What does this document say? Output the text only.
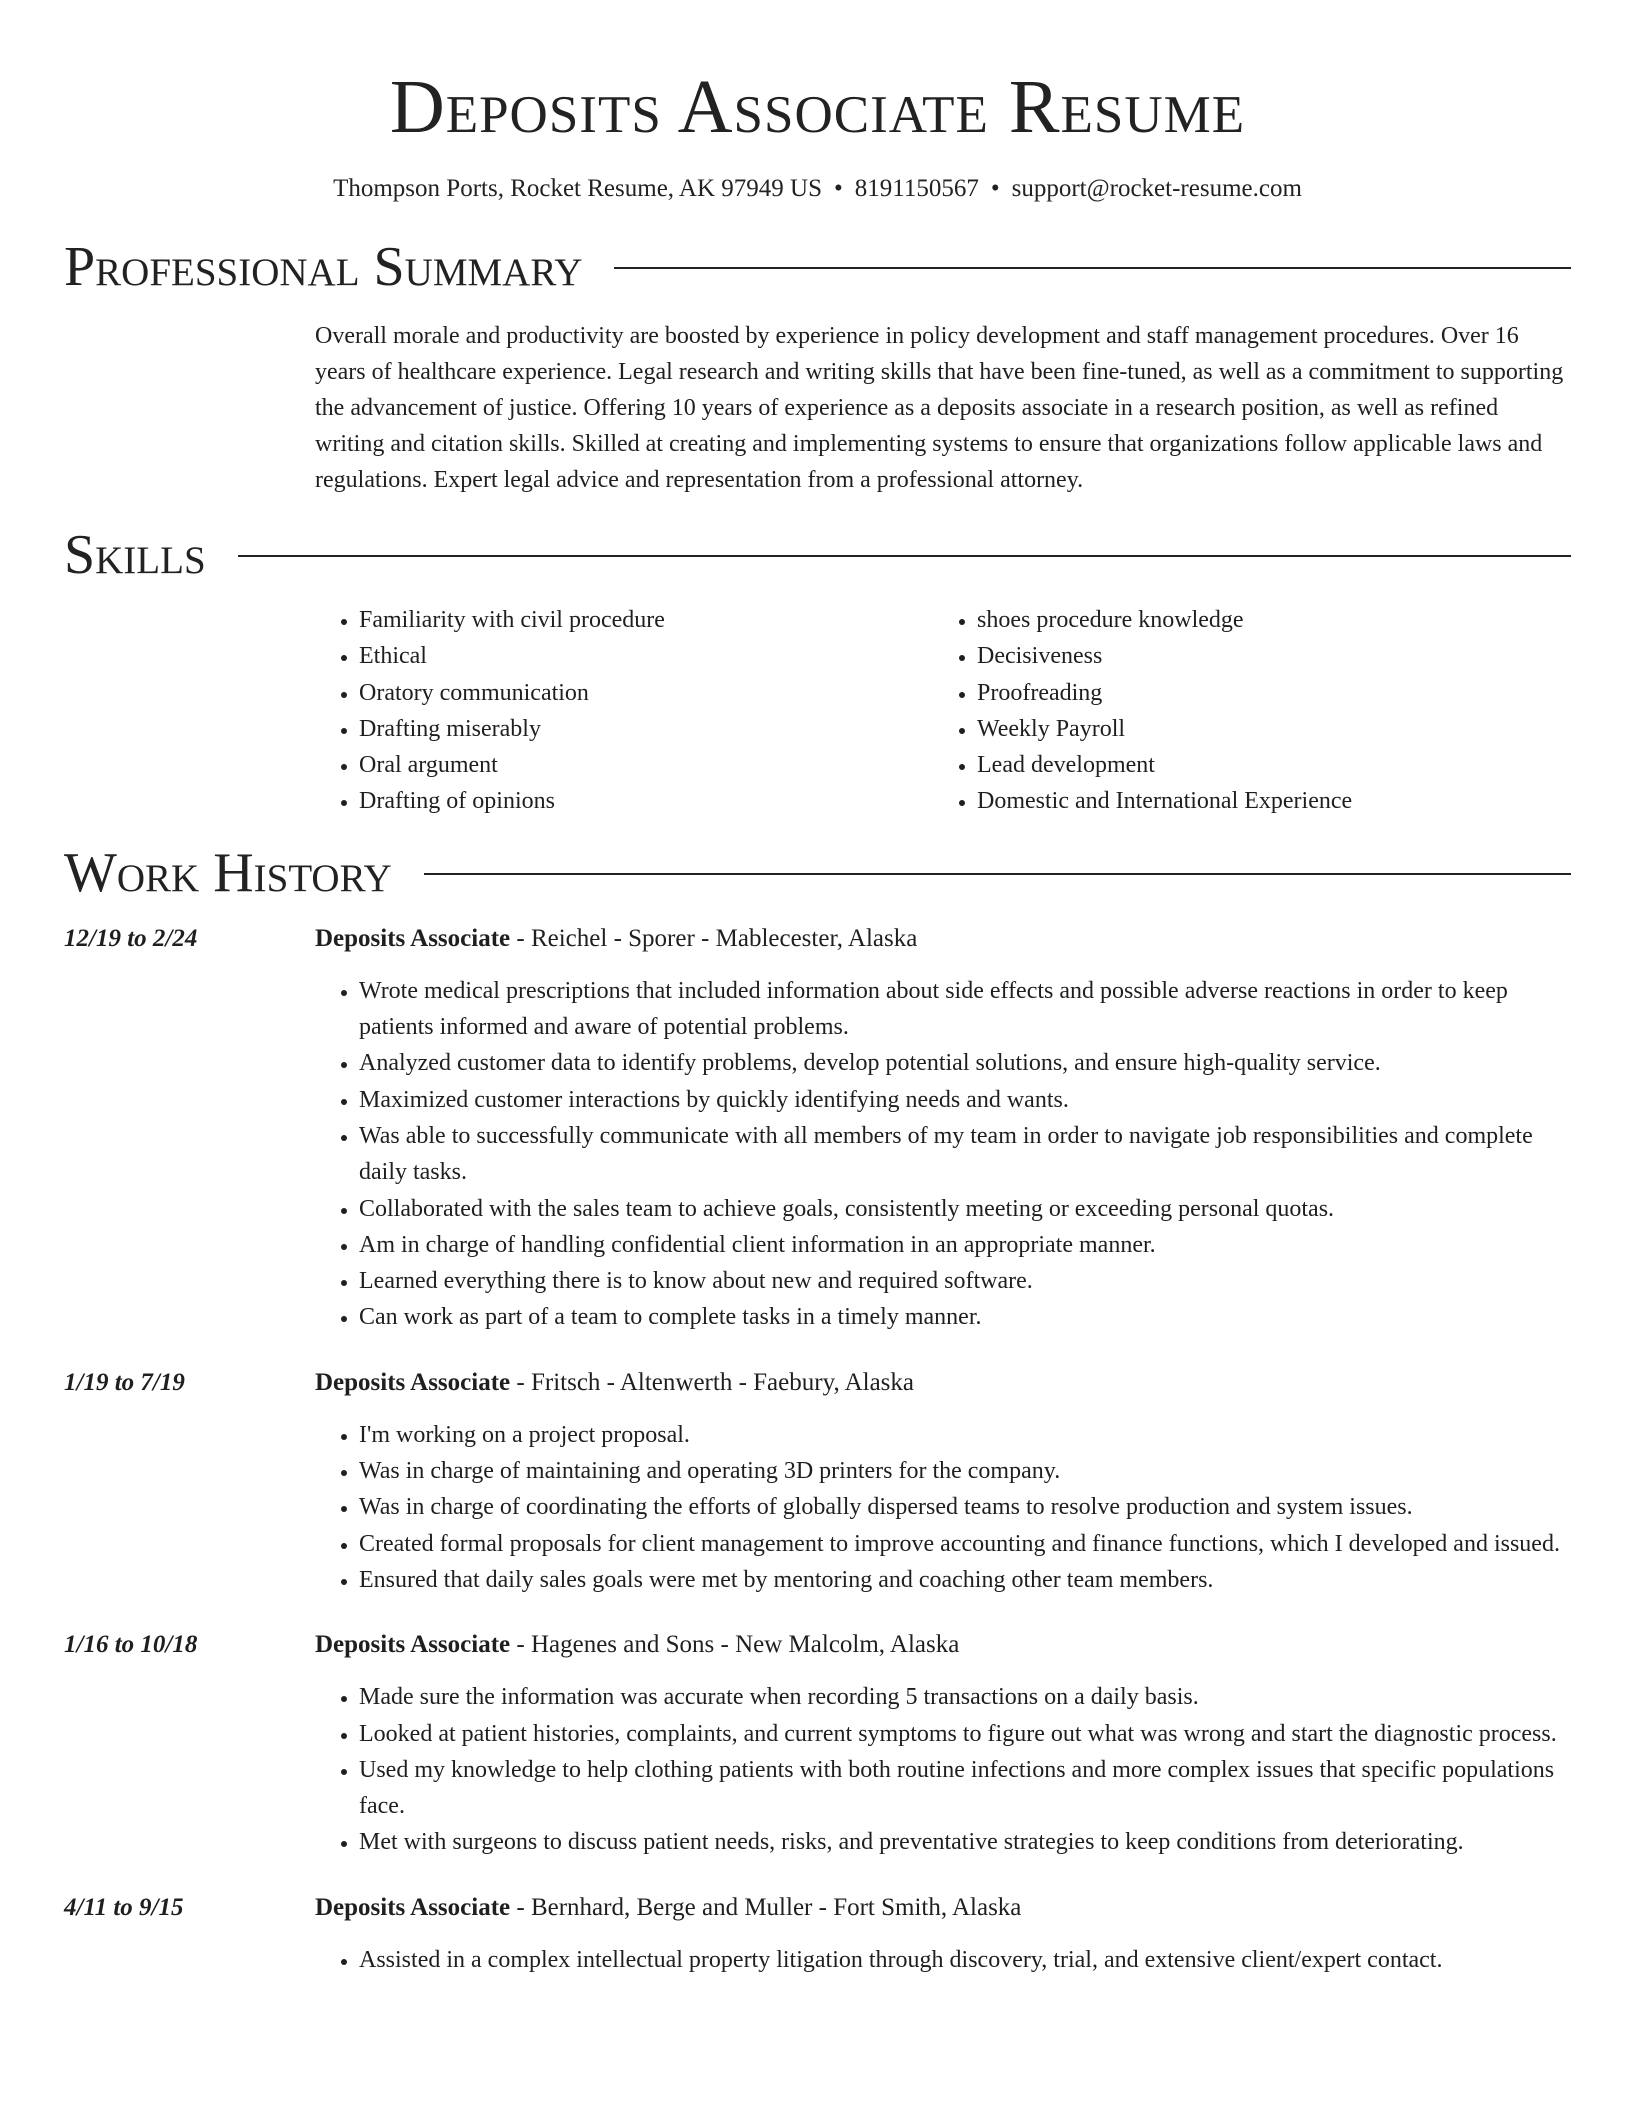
Deposits Associate Resume
Thompson Ports, Rocket Resume, AK 97949 US • 8191150567 • support@rocket-resume.com
Professional Summary
Overall morale and productivity are boosted by experience in policy development and staff management procedures. Over 16 years of healthcare experience. Legal research and writing skills that have been fine-tuned, as well as a commitment to supporting the advancement of justice. Offering 10 years of experience as a deposits associate in a research position, as well as refined writing and citation skills. Skilled at creating and implementing systems to ensure that organizations follow applicable laws and regulations. Expert legal advice and representation from a professional attorney.
Skills
• Familiarity with civil procedure
• Ethical
• Oratory communication
• Drafting miserably
• Oral argument
• Drafting of opinions
• shoes procedure knowledge
• Decisiveness
• Proofreading
• Weekly Payroll
• Lead development
• Domestic and International Experience
Work History
12/19 to 2/24	Deposits Associate - Reichel - Sporer - Mablecester, Alaska
• Wrote medical prescriptions that included information about side effects and possible adverse reactions in order to keep patients informed and aware of potential problems.
• Analyzed customer data to identify problems, develop potential solutions, and ensure high-quality service.
• Maximized customer interactions by quickly identifying needs and wants.
• Was able to successfully communicate with all members of my team in order to navigate job responsibilities and complete daily tasks.
• Collaborated with the sales team to achieve goals, consistently meeting or exceeding personal quotas.
• Am in charge of handling confidential client information in an appropriate manner.
• Learned everything there is to know about new and required software.
• Can work as part of a team to complete tasks in a timely manner.
1/19 to 7/19	Deposits Associate - Fritsch - Altenwerth - Faebury, Alaska
• I'm working on a project proposal.
• Was in charge of maintaining and operating 3D printers for the company.
• Was in charge of coordinating the efforts of globally dispersed teams to resolve production and system issues.
• Created formal proposals for client management to improve accounting and finance functions, which I developed and issued.
• Ensured that daily sales goals were met by mentoring and coaching other team members.
1/16 to 10/18	Deposits Associate - Hagenes and Sons - New Malcolm, Alaska
• Made sure the information was accurate when recording 5 transactions on a daily basis.
• Looked at patient histories, complaints, and current symptoms to figure out what was wrong and start the diagnostic process.
• Used my knowledge to help clothing patients with both routine infections and more complex issues that specific populations face.
• Met with surgeons to discuss patient needs, risks, and preventative strategies to keep conditions from deteriorating.
4/11 to 9/15	Deposits Associate - Bernhard, Berge and Muller - Fort Smith, Alaska
• Assisted in a complex intellectual property litigation through discovery, trial, and extensive client/expert contact.
